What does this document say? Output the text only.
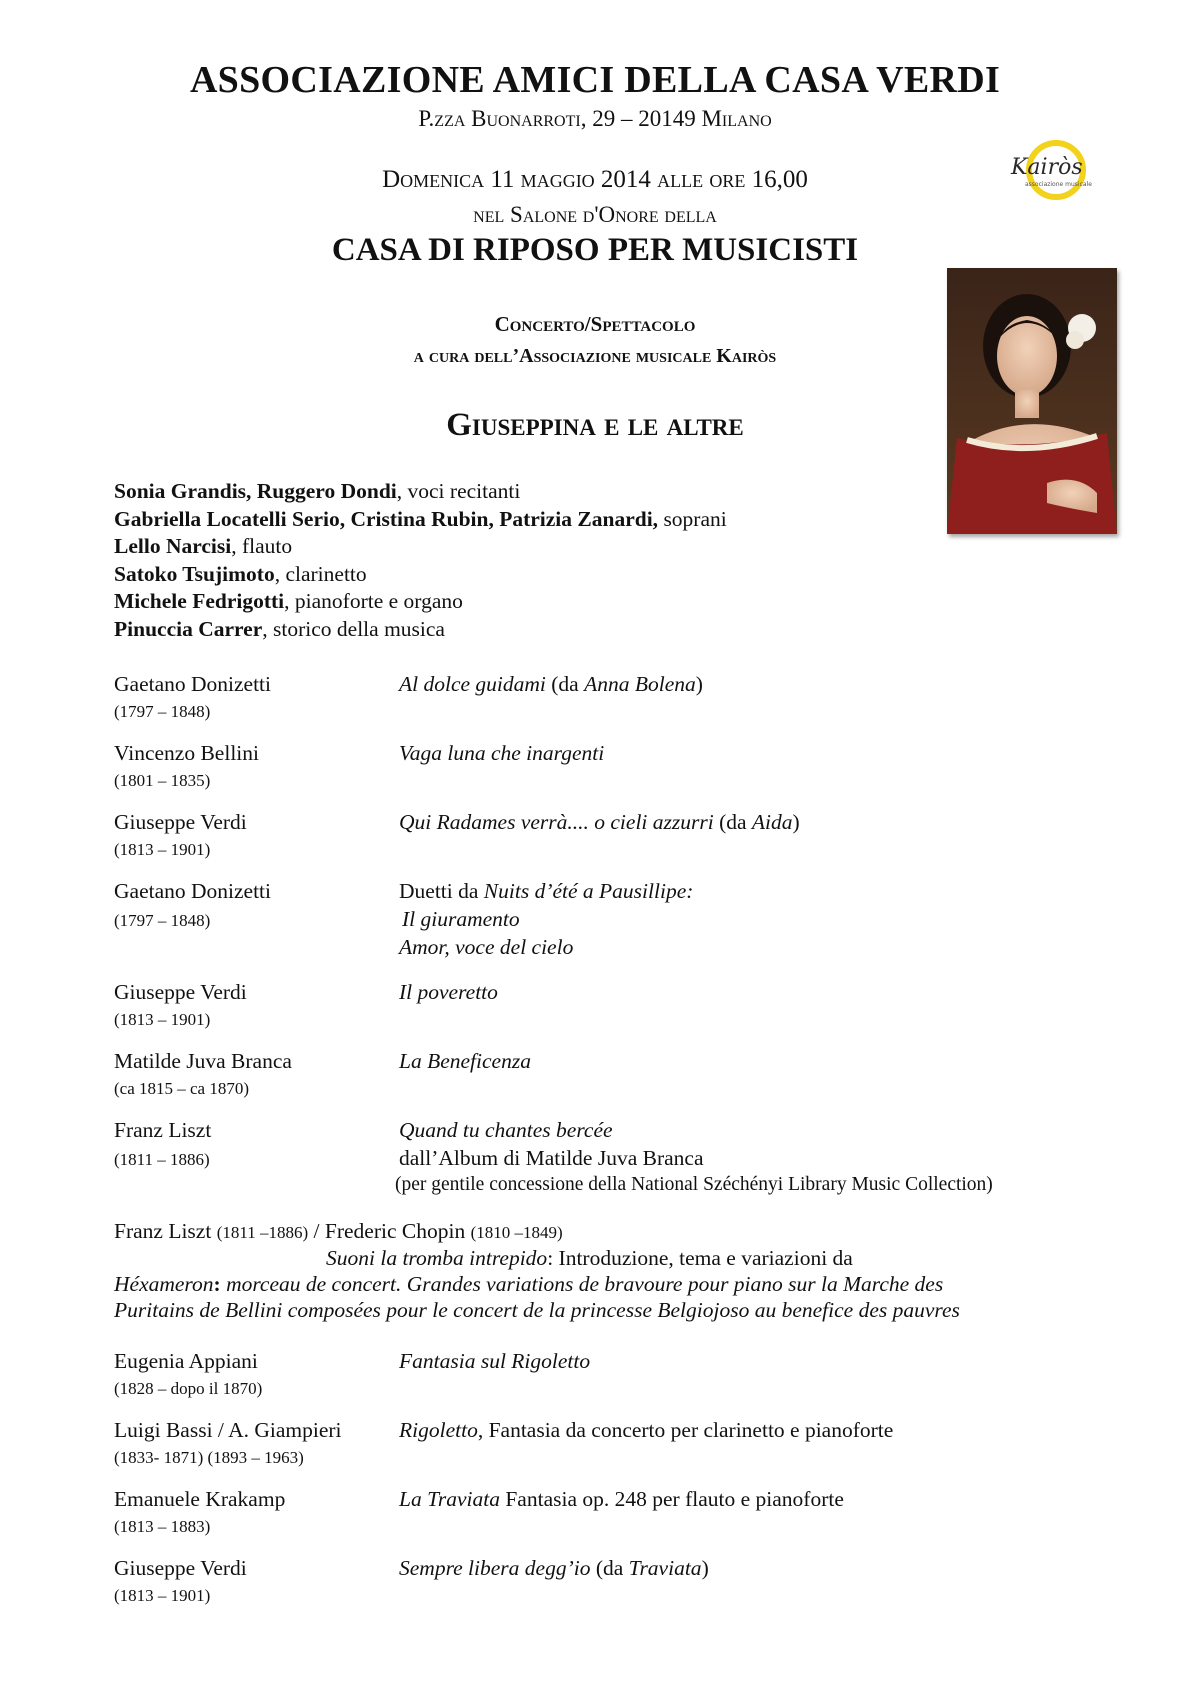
ASSOCIAZIONE AMICI DELLA CASA VERDI
P.zza Buonarroti, 29 – 20149 Milano
Domenica 11 maggio 2014 alle ore 16,00
nel Salone d'Onore della
CASA DI RIPOSO PER MUSICISTI
Concerto/Spettacolo
a cura dell’Associazione musicale Kairòs
Giuseppina e le altre
Kairòs
associazione musicale
Sonia Grandis, Ruggero Dondi, voci recitanti
Gabriella Locatelli Serio, Cristina Rubin, Patrizia Zanardi, soprani
Lello Narcisi, flauto
Satoko Tsujimoto, clarinetto
Michele Fedrigotti, pianoforte e organo
Pinuccia Carrer, storico della musica
Gaetano Donizetti
(1797 – 1848)
Al dolce guidami (da Anna Bolena)
Vincenzo Bellini
(1801 – 1835)
Vaga luna che inargenti
Giuseppe Verdi
(1813 – 1901)
Qui Radames verrà.... o cieli azzurri (da Aida)
Gaetano Donizetti
(1797 – 1848)
Duetti da Nuits d’été a Pausillipe:
Il giuramento
Amor, voce del cielo
Giuseppe Verdi
(1813 – 1901)
Il poveretto
Matilde Juva Branca
(ca 1815 – ca 1870)
La Beneficenza
Franz Liszt
(1811 – 1886)
Quand tu chantes bercée
dall’Album di Matilde Juva Branca
(per gentile concessione della National Széchényi Library Music Collection)
Franz Liszt (1811 –1886) / Frederic Chopin (1810 –1849)
Suoni la tromba intrepido: Introduzione, tema e variazioni da
Héxameron: morceau de concert. Grandes variations de bravoure pour piano sur la Marche des
Puritains de Bellini composées pour le concert de la princesse Belgiojoso au benefice des pauvres
Eugenia Appiani
(1828 – dopo il 1870)
Fantasia sul Rigoletto
Luigi Bassi / A. Giampieri
(1833- 1871) (1893 – 1963)
Rigoletto, Fantasia da concerto per clarinetto e pianoforte
Emanuele Krakamp
(1813 – 1883)
La Traviata Fantasia op. 248 per flauto e pianoforte
Giuseppe Verdi
(1813 – 1901)
Sempre libera degg’io (da Traviata)
